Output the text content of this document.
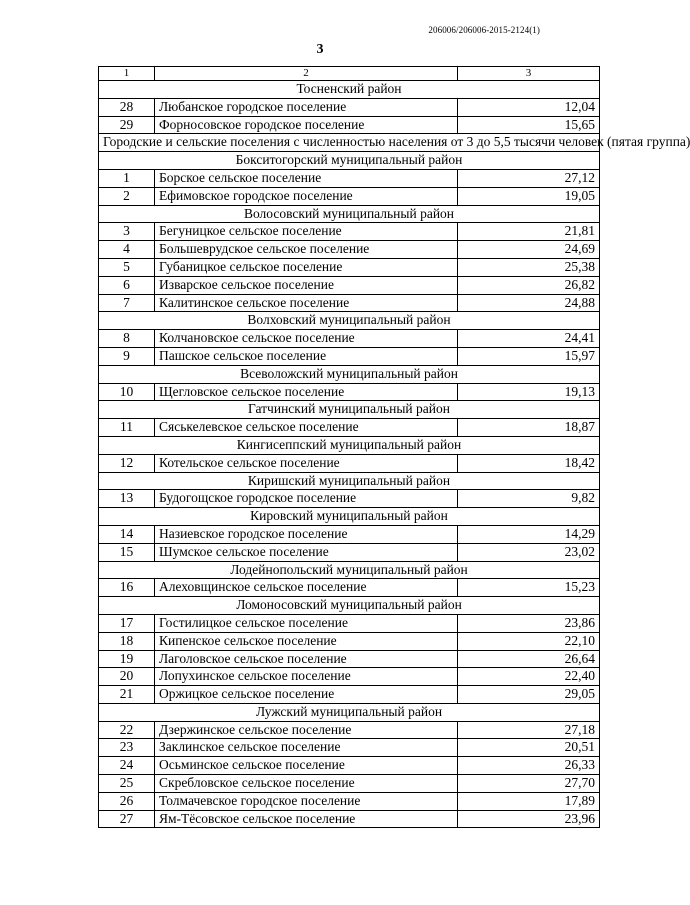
206006/206006-2015-2124(1)
3
1	2	3
Тосненский район		
28	Любанское городское поселение	12,04
29	Форносовское городское поселение	15,65
Городские и сельские поселения с численностью населения от 3 до 5,5 тысячи человек (пятая группа)		
Бокситогорский муниципальный район		
1	Борское сельское поселение	27,12
2	Ефимовское городское поселение	19,05
Волосовский муниципальный район		
3	Бегуницкое сельское поселение	21,81
4	Большеврудское сельское поселение	24,69
5	Губаницкое сельское поселение	25,38
6	Изварское сельское поселение	26,82
7	Калитинское сельское поселение	24,88
Волховский муниципальный район		
8	Колчановское сельское поселение	24,41
9	Пашское сельское поселение	15,97
Всеволожский муниципальный район		
10	Щегловское сельское поселение	19,13
Гатчинский муниципальный район		
11	Сяськелевское сельское поселение	18,87
Кингисеппский муниципальный район		
12	Котельское сельское поселение	18,42
Киришский муниципальный район		
13	Будогощское городское поселение	9,82
Кировский муниципальный район		
14	Назиевское городское поселение	14,29
15	Шумское сельское поселение	23,02
Лодейнопольский муниципальный район		
16	Алеховщинское сельское поселение	15,23
Ломоносовский муниципальный район		
17	Гостилицкое сельское поселение	23,86
18	Кипенское сельское поселение	22,10
19	Лаголовское сельское поселение	26,64
20	Лопухинское сельское поселение	22,40
21	Оржицкое сельское поселение	29,05
Лужский муниципальный район		
22	Дзержинское сельское поселение	27,18
23	Заклинское сельское поселение	20,51
24	Осьминское сельское поселение	26,33
25	Скребловское сельское поселение	27,70
26	Толмачевское городское поселение	17,89
27	Ям-Тёсовское сельское поселение	23,96
